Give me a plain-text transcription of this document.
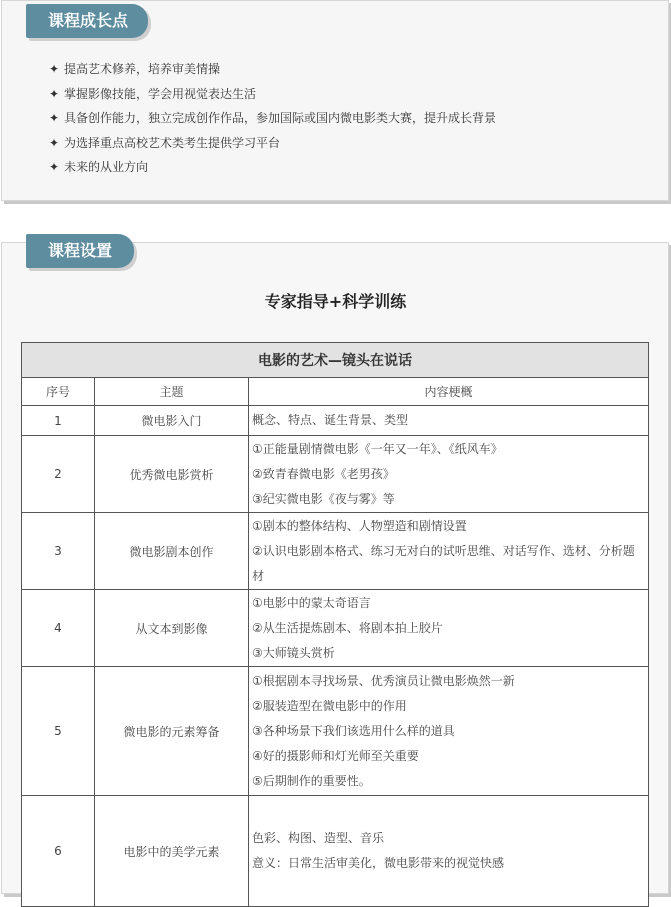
课程成长点
✦ 提高艺术修养，培养审美情操
✦ 掌握影像技能，学会用视觉表达生活
✦ 具备创作能力，独立完成创作作品，参加国际或国内微电影类大赛，提升成长背景
✦ 为选择重点高校艺术类考生提供学习平台
✦ 未来的从业方向
课程设置
专家指导+科学训练
电影的艺术—镜头在说话		
序号	主题	内容梗概
1	微电影入门	概念、特点、诞生背景、类型

2	优秀微电影赏析	①正能量剧情微电影《一年又一年》、《纸风车》
②致青春微电影《老男孩》
③纪实微电影《夜与雾》等

3	微电影剧本创作	①剧本的整体结构、人物塑造和剧情设置
②认识电影剧本格式、练习无对白的试听思维、对话写作、选材、分析题材

4	从文本到影像	①电影中的蒙太奇语言
②从生活提炼剧本、将剧本拍上胶片
③大师镜头赏析

5	微电影的元素筹备	①根据剧本寻找场景、优秀演员让微电影焕然一新
②服装造型在微电影中的作用
③各种场景下我们该选用什么样的道具
④好的摄影师和灯光师至关重要
⑤后期制作的重要性。

6	电影中的美学元素	色彩、构图、造型、音乐
意义：日常生活审美化，微电影带来的视觉快感
